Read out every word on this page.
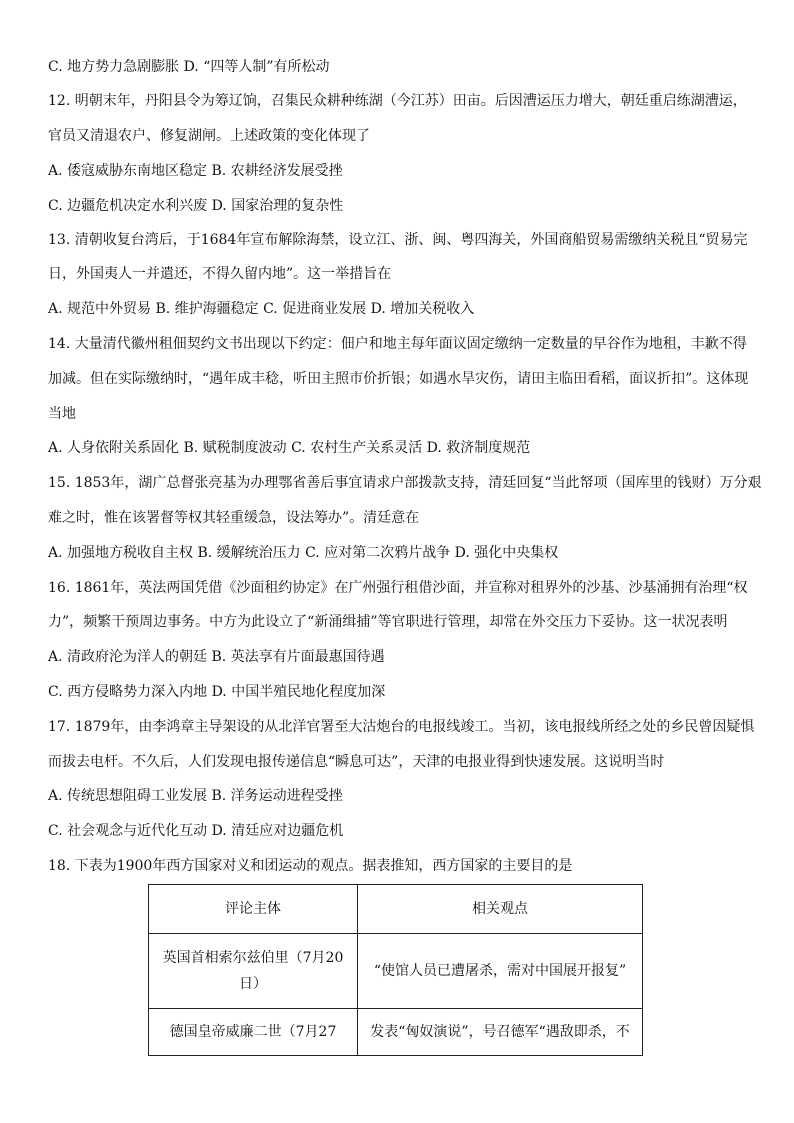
C. 地方势力急剧膨胀 D. “四等人制”有所松动
12. 明朝末年，丹阳县令为筹辽饷，召集民众耕种练湖（今江苏）田亩。后因漕运压力增大，朝廷重启练湖漕运，
官员又清退农户、修复湖闸。上述政策的变化体现了
A. 倭寇威胁东南地区稳定 B. 农耕经济发展受挫
C. 边疆危机决定水利兴废 D. 国家治理的复杂性
13. 清朝收复台湾后，于1684年宣布解除海禁，设立江、浙、闽、粤四海关，外国商船贸易需缴纳关税且“贸易完
日，外国夷人一并遣还，不得久留内地”。这一举措旨在
A. 规范中外贸易 B. 维护海疆稳定 C. 促进商业发展 D. 增加关税收入
14. 大量清代徽州租佃契约文书出现以下约定：佃户和地主每年面议固定缴纳一定数量的早谷作为地租，丰歉不得
加减。但在实际缴纳时，“遇年成丰稔，听田主照市价折银；如遇水旱灾伤，请田主临田看稻，面议折扣”。这体现
当地
A. 人身依附关系固化 B. 赋税制度波动 C. 农村生产关系灵活 D. 救济制度规范
15. 1853年，湖广总督张亮基为办理鄂省善后事宜请求户部拨款支持，清廷回复“当此帑项（国库里的钱财）万分艰
难之时，惟在该署督等权其轻重缓急，设法筹办”。清廷意在
A. 加强地方税收自主权 B. 缓解统治压力 C. 应对第二次鸦片战争 D. 强化中央集权
16. 1861年，英法两国凭借《沙面租约协定》在广州强行租借沙面，并宣称对租界外的沙基、沙基涌拥有治理“权
力”，频繁干预周边事务。中方为此设立了“新涌缉捕”等官职进行管理，却常在外交压力下妥协。这一状况表明
A. 清政府沦为洋人的朝廷 B. 英法享有片面最惠国待遇
C. 西方侵略势力深入内地 D. 中国半殖民地化程度加深
17. 1879年，由李鸿章主导架设的从北洋官署至大沽炮台的电报线竣工。当初，该电报线所经之处的乡民曾因疑惧
而拔去电杆。不久后，人们发现电报传递信息“瞬息可达”，天津的电报业得到快速发展。这说明当时
A. 传统思想阻碍工业发展 B. 洋务运动进程受挫
C. 社会观念与近代化互动 D. 清廷应对边疆危机
18. 下表为1900年西方国家对义和团运动的观点。据表推知，西方国家的主要目的是
评论主体	相关观点
英国首相索尔兹伯里（7月20日）	“使馆人员已遭屠杀，需对中国展开报复”
德国皇帝威廉二世（7月27	发表“匈奴演说”，号召德军“遇敌即杀，不
